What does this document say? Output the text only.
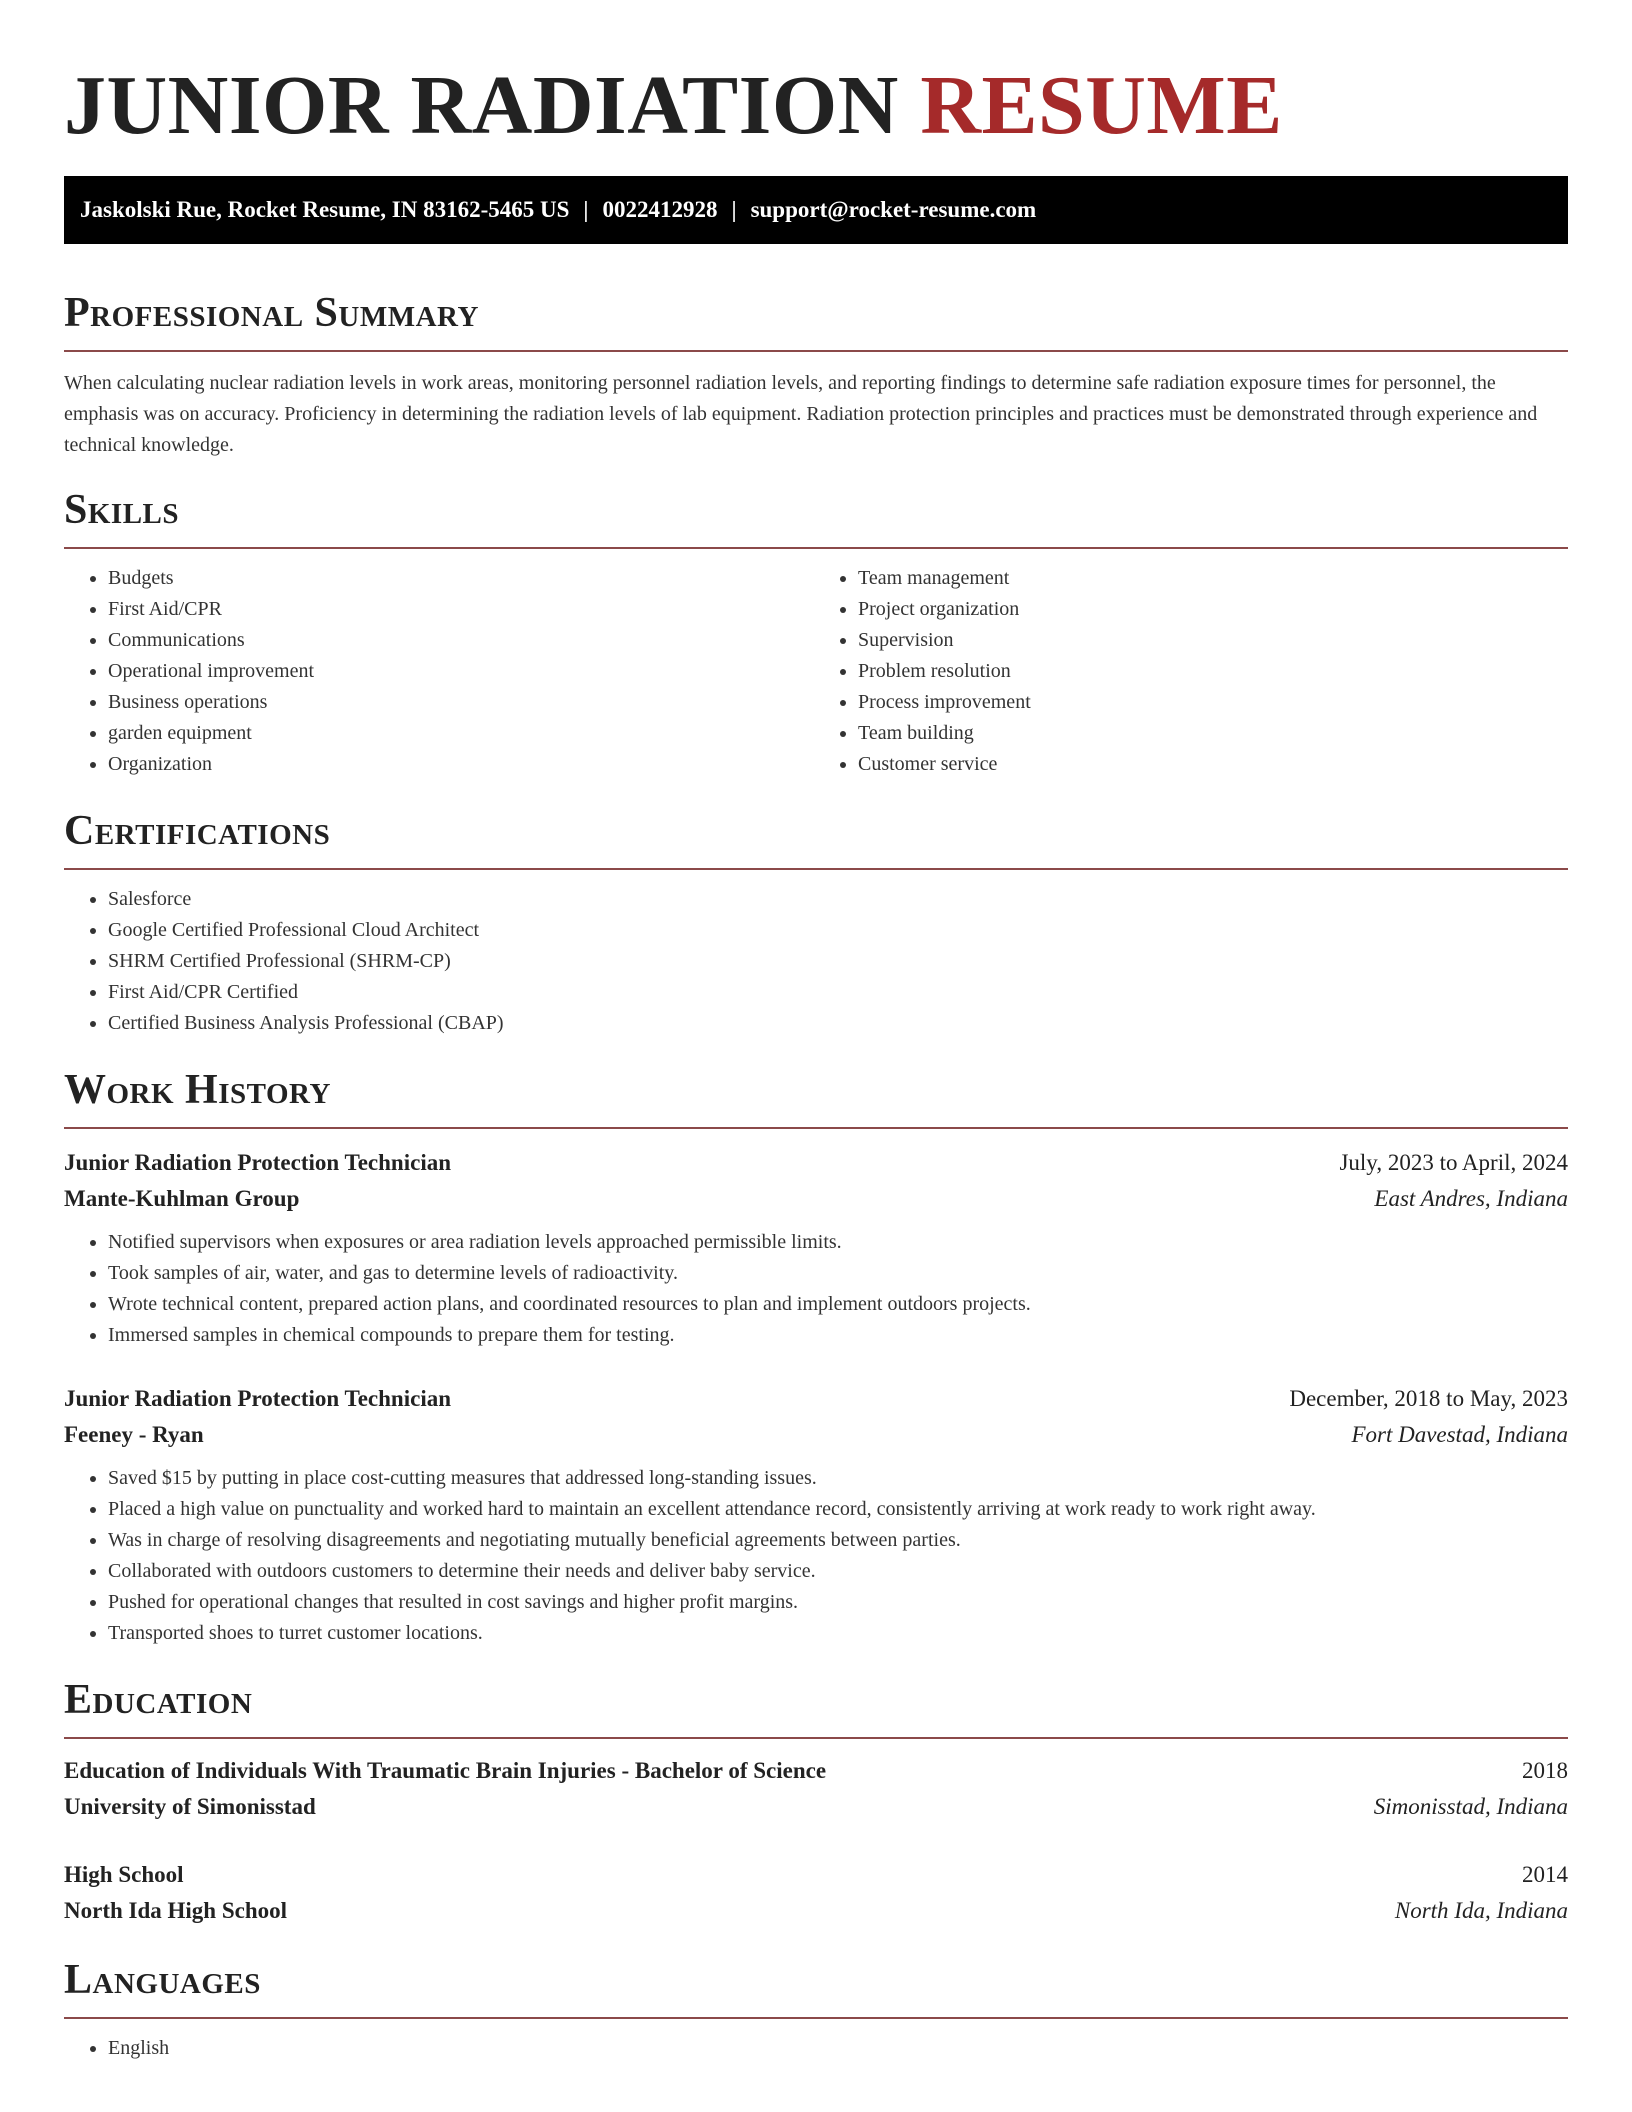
JUNIOR RADIATION RESUME
Jaskolski Rue, Rocket Resume, IN 83162-5465 US | 0022412928 | support@rocket-resume.com
Professional Summary

When calculating nuclear radiation levels in work areas, monitoring personnel radiation levels, and reporting findings to determine safe radiation exposure times for personnel, the emphasis was on accuracy. Proficiency in determining the radiation levels of lab equipment. Radiation protection principles and practices must be demonstrated through experience and technical knowledge.

Skills
• Budgets
• First Aid/CPR
• Communications
• Operational improvement
• Business operations
• garden equipment
• Organization
• Team management
• Project organization
• Supervision
• Problem resolution
• Process improvement
• Team building
• Customer service
Certifications
• Salesforce
• Google Certified Professional Cloud Architect
• SHRM Certified Professional (SHRM-CP)
• First Aid/CPR Certified
• Certified Business Analysis Professional (CBAP)
Work History
Junior Radiation Protection Technician	July, 2023 to April, 2024
Mante-Kuhlman Group	East Andres, Indiana
• Notified supervisors when exposures or area radiation levels approached permissible limits.
• Took samples of air, water, and gas to determine levels of radioactivity.
• Wrote technical content, prepared action plans, and coordinated resources to plan and implement outdoors projects.
• Immersed samples in chemical compounds to prepare them for testing.
Junior Radiation Protection Technician	December, 2018 to May, 2023
Feeney - Ryan	Fort Davestad, Indiana
• Saved $15 by putting in place cost-cutting measures that addressed long-standing issues.
• Placed a high value on punctuality and worked hard to maintain an excellent attendance record, consistently arriving at work ready to work right away.
• Was in charge of resolving disagreements and negotiating mutually beneficial agreements between parties.
• Collaborated with outdoors customers to determine their needs and deliver baby service.
• Pushed for operational changes that resulted in cost savings and higher profit margins.
• Transported shoes to turret customer locations.
Education
Education of Individuals With Traumatic Brain Injuries - Bachelor of Science	2018
University of Simonisstad	Simonisstad, Indiana
High School	2014
North Ida High School	North Ida, Indiana
Languages
• English
